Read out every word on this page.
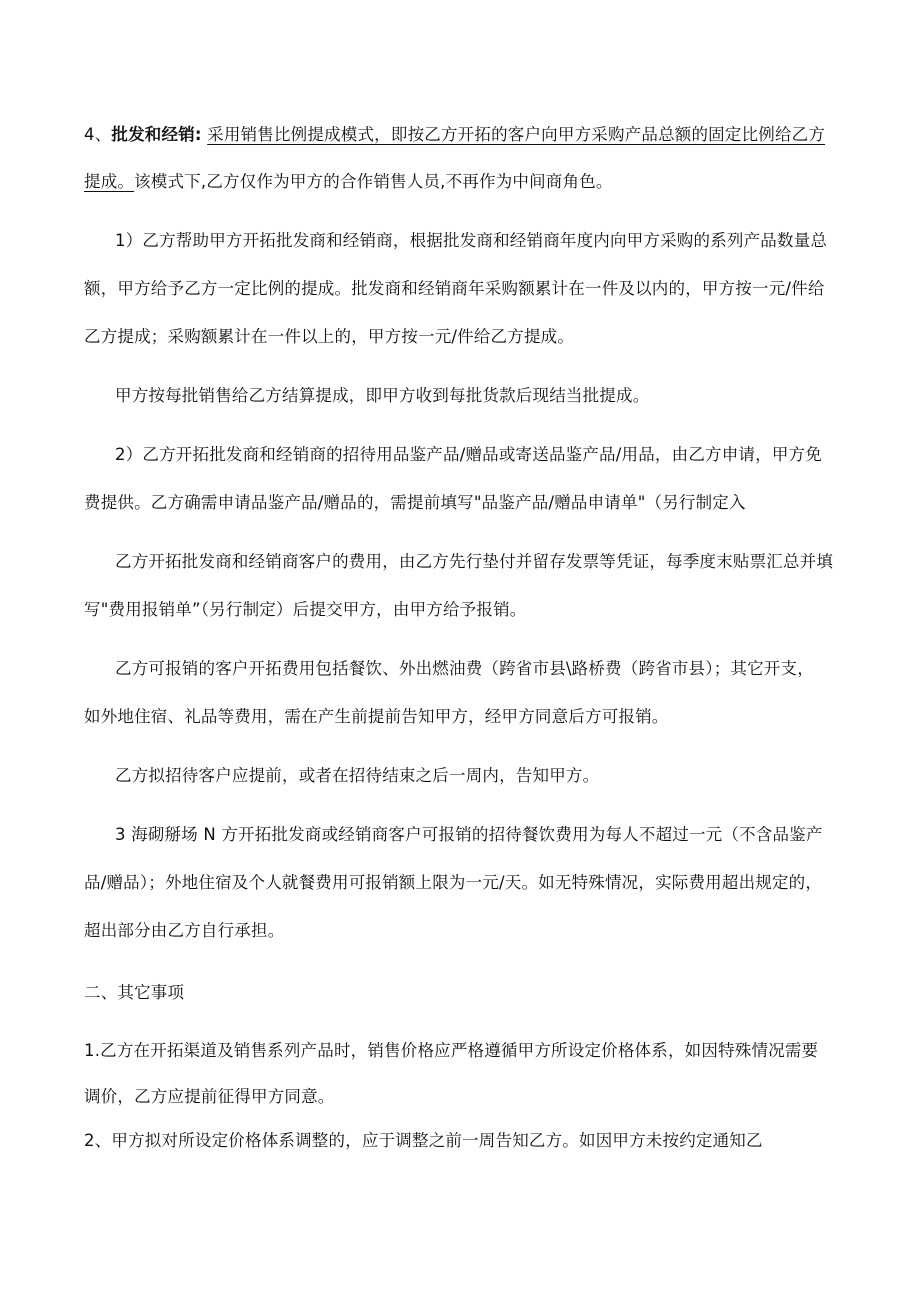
4、批发和经销: 采用销售比例提成模式，即按乙方开拓的客户向甲方采购产品总额的固定比例给乙方
提成。该模式下,乙方仅作为甲方的合作销售人员,不再作为中间商角色。
1）乙方帮助甲方开拓批发商和经销商，根据批发商和经销商年度内向甲方采购的系列产品数量总
额，甲方给予乙方一定比例的提成。批发商和经销商年采购额累计在一件及以内的，甲方按一元/件给
乙方提成；采购额累计在一件以上的，甲方按一元/件给乙方提成。
甲方按每批销售给乙方结算提成，即甲方收到每批货款后现结当批提成。
2）乙方开拓批发商和经销商的招待用品鉴产品/赠品或寄送品鉴产品/用品，由乙方申请，甲方免
费提供。乙方确需申请品鉴产品/赠品的，需提前填写"品鉴产品/赠品申请单"（另行制定入
乙方开拓批发商和经销商客户的费用，由乙方先行垫付并留存发票等凭证，每季度末贴票汇总并填
写"费用报销单”（另行制定）后提交甲方，由甲方给予报销。
乙方可报销的客户开拓费用包括餐饮、外出燃油费（跨省市县\路桥费（跨省市县）；其它开支，
如外地住宿、礼品等费用，需在产生前提前告知甲方，经甲方同意后方可报销。
乙方拟招待客户应提前，或者在招待结束之后一周内，告知甲方。
3 海砌掰场 N 方开拓批发商或经销商客户可报销的招待餐饮费用为每人不超过一元（不含品鉴产
品/赠品）；外地住宿及个人就餐费用可报销额上限为一元/天。如无特殊情况，实际费用超出规定的，
超出部分由乙方自行承担。
二、其它事项
1.乙方在开拓渠道及销售系列产品时，销售价格应严格遵循甲方所设定价格体系，如因特殊情况需要
调价，乙方应提前征得甲方同意。
2、甲方拟对所设定价格体系调整的，应于调整之前一周告知乙方。如因甲方未按约定通知乙
